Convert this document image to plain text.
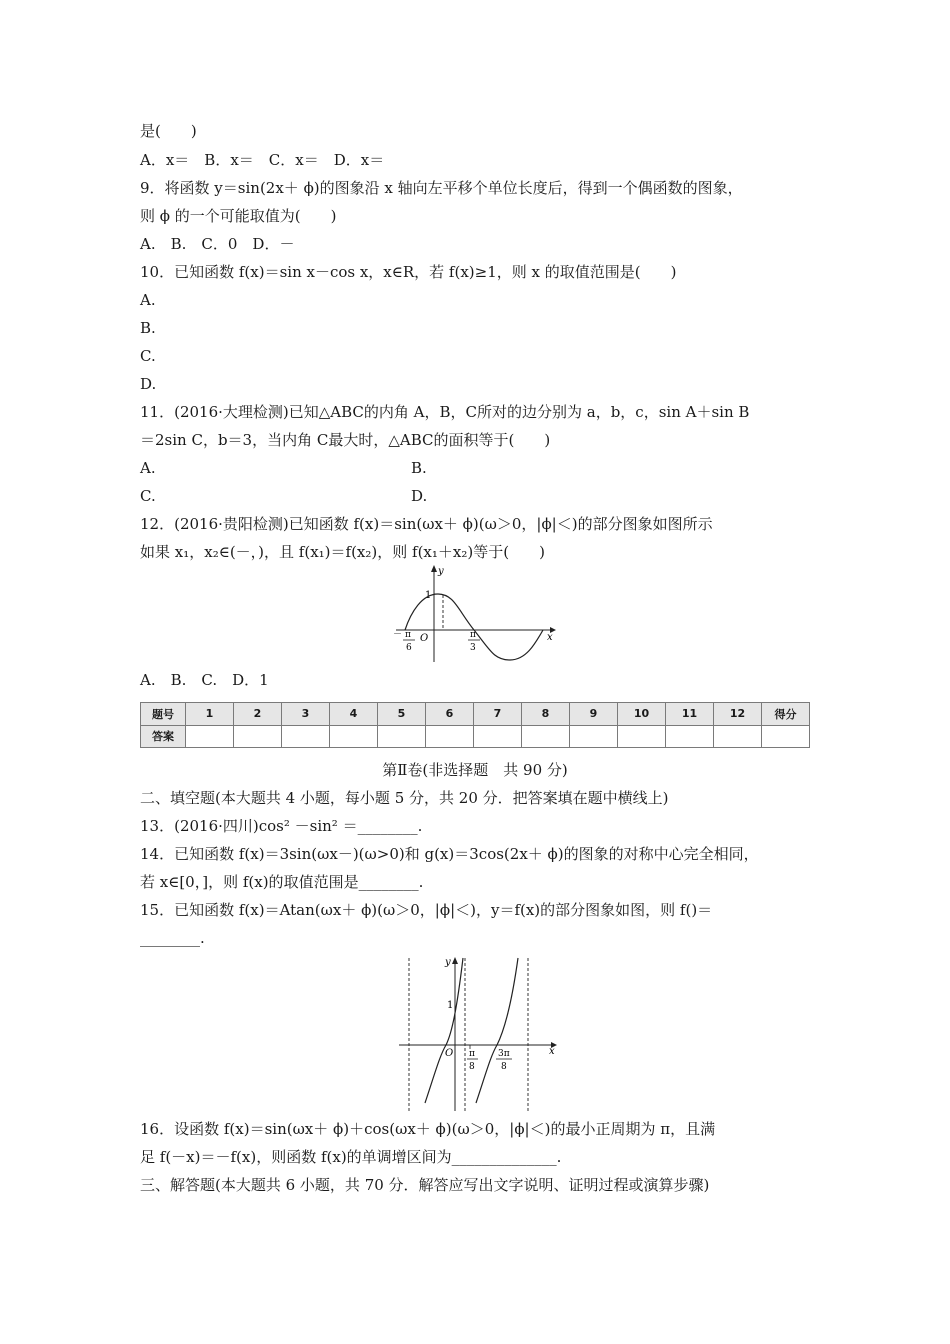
是(　　)
A．x＝　B．x＝　C．x＝　D．x＝
9．将函数 y＝sin(2x＋ ϕ)的图象沿 x 轴向左平移个单位长度后，得到一个偶函数的图象，
则 ϕ 的一个可能取值为(　　)
A.　B.　C．0　D．－
10．已知函数 f(x)＝sin x－cos x，x∈R，若 f(x)≥1，则 x 的取值范围是(　　)
A.
B.
C.
D.
11．(2016·大理检测)已知△ABC的内角 A，B，C所对的边分别为 a，b，c，sin A＋sin B
＝2sin C，b＝3，当内角 C最大时，△ABC的面积等于(　　)
A.	B.
C.	D.
12．(2016·贵阳检测)已知函数 f(x)＝sin(ωx＋ ϕ)(ω＞0，|ϕ|＜)的部分图象如图所示
如果 x₁，x₂∈(－，)，且 f(x₁)＝f(x₂)，则 f(x₁＋x₂)等于(　　)
y
x
1
O
－ π
6
π
3
A.　B.　C.　D．1
题号	1	2	3	4	5	6	7	8	9	10	11	12	得分
答案													
第Ⅱ卷(非选择题　共 90 分)
二、填空题(本大题共 4 小题，每小题 5 分，共 20 分．把答案填在题中横线上)
13．(2016·四川)cos² －sin² ＝________.
14．已知函数 f(x)＝3sin(ωx－)(ω>0)和 g(x)＝3cos(2x＋ ϕ)的图象的对称中心完全相同，
若 x∈[0，]，则 f(x)的取值范围是________.
15．已知函数 f(x)＝Atan(ωx＋ ϕ)(ω＞0，|ϕ|＜)，y＝f(x)的部分图象如图，则 f()＝
________.
y
x
1
O π
8
3π
8
16．设函数 f(x)＝sin(ωx＋ ϕ)＋cos(ωx＋ ϕ)(ω＞0，|ϕ|＜)的最小正周期为 π，且满
足 f(－x)＝－f(x)，则函数 f(x)的单调增区间为______________.
三、解答题(本大题共 6 小题，共 70 分．解答应写出文字说明、证明过程或演算步骤)
